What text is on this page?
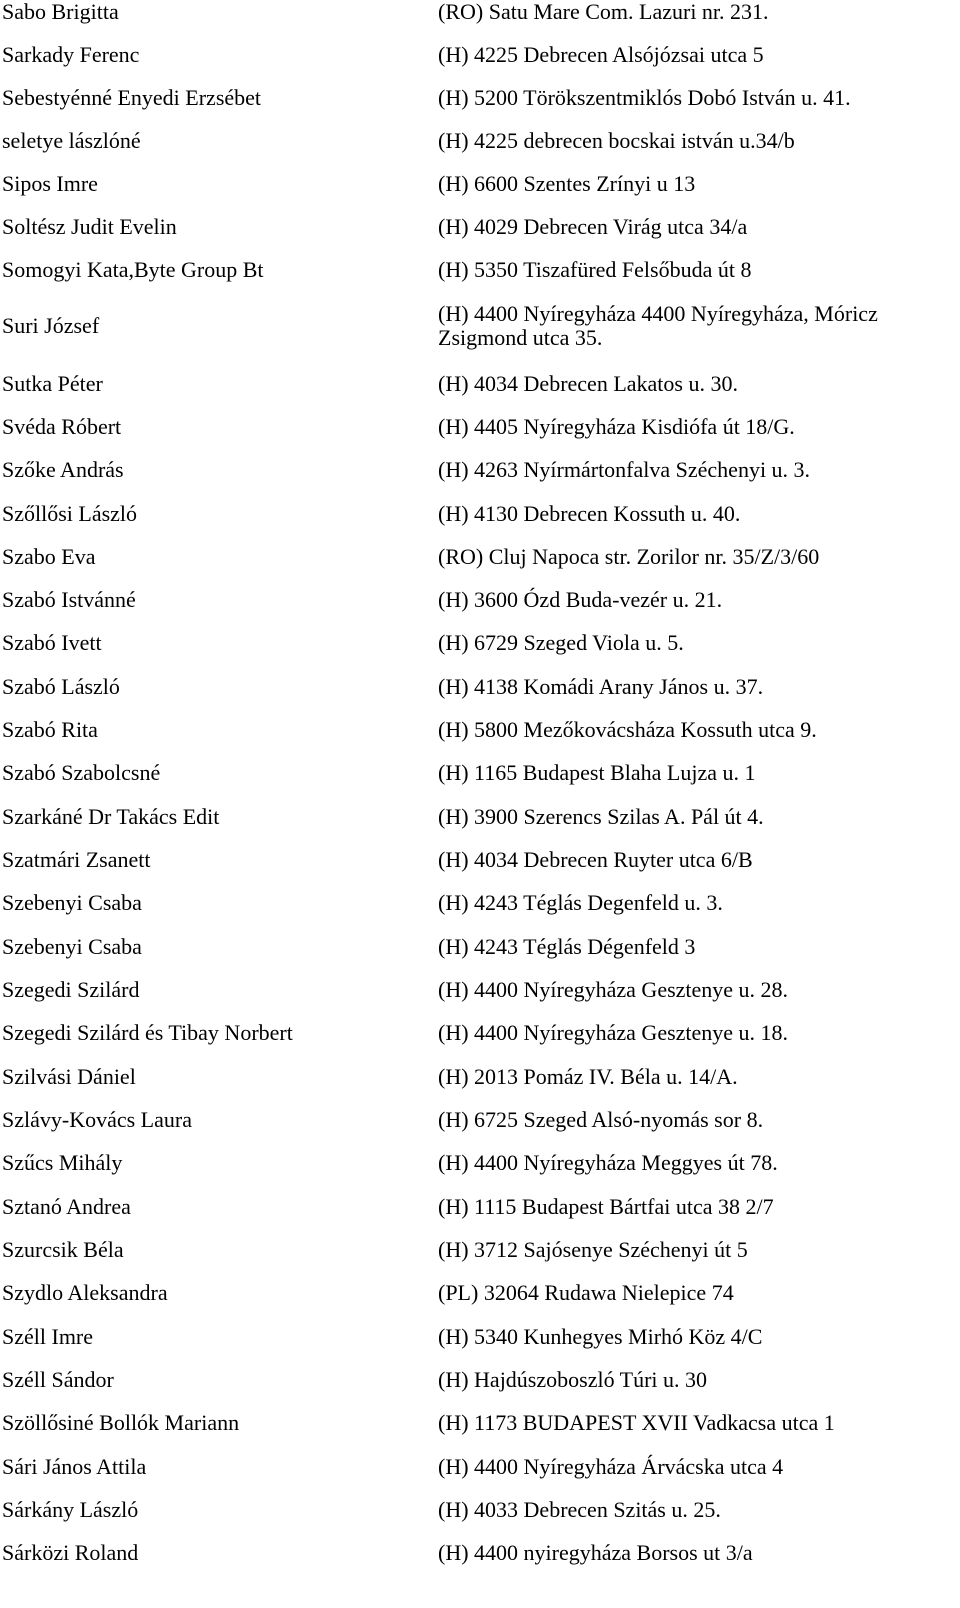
Sabo Brigitta	(RO) Satu Mare Com. Lazuri nr. 231.
Sarkady Ferenc	(H) 4225 Debrecen Alsójózsai utca 5
Sebestyénné Enyedi Erzsébet	(H) 5200 Törökszentmiklós Dobó István u. 41.
seletye lászlóné	(H) 4225 debrecen bocskai istván u.34/b
Sipos Imre	(H) 6600 Szentes Zrínyi u 13
Soltész Judit Evelin	(H) 4029 Debrecen Virág utca 34/a
Somogyi Kata,Byte Group Bt	(H) 5350 Tiszafüred Felsőbuda út 8
Suri József	(H) 4400 Nyíregyháza 4400 Nyíregyháza, Móricz Zsigmond utca 35.
Sutka Péter	(H) 4034 Debrecen Lakatos u. 30.
Svéda Róbert	(H) 4405 Nyíregyháza Kisdiófa út 18/G.
Szőke András	(H) 4263 Nyírmártonfalva Széchenyi u. 3.
Szőllősi László	(H) 4130 Debrecen Kossuth u. 40.
Szabo Eva	(RO) Cluj Napoca str. Zorilor nr. 35/Z/3/60
Szabó Istvánné	(H) 3600 Ózd Buda-vezér u. 21.
Szabó Ivett	(H) 6729 Szeged Viola u. 5.
Szabó László	(H) 4138 Komádi Arany János u. 37.
Szabó Rita	(H) 5800 Mezőkovácsháza Kossuth utca 9.
Szabó Szabolcsné	(H) 1165 Budapest Blaha Lujza u. 1
Szarkáné Dr Takács Edit	(H) 3900 Szerencs Szilas A. Pál út 4.
Szatmári Zsanett	(H) 4034 Debrecen Ruyter utca 6/B
Szebenyi Csaba	(H) 4243 Téglás Degenfeld u. 3.
Szebenyi Csaba	(H) 4243 Téglás Dégenfeld 3
Szegedi Szilárd	(H) 4400 Nyíregyháza Gesztenye u. 28.
Szegedi Szilárd és Tibay Norbert	(H) 4400 Nyíregyháza Gesztenye u. 18.
Szilvási Dániel	(H) 2013 Pomáz IV. Béla u. 14/A.
Szlávy-Kovács Laura	(H) 6725 Szeged Alsó-nyomás sor 8.
Szűcs Mihály	(H) 4400 Nyíregyháza Meggyes út 78.
Sztanó Andrea	(H) 1115 Budapest Bártfai utca 38 2/7
Szurcsik Béla	(H) 3712 Sajósenye Széchenyi út 5
Szydlo Aleksandra	(PL) 32064 Rudawa Nielepice 74
Széll Imre	(H) 5340 Kunhegyes Mirhó Köz 4/C
Széll Sándor	(H) Hajdúszoboszló Túri u. 30
Szöllősiné Bollók Mariann	(H) 1173 BUDAPEST XVII Vadkacsa utca 1
Sári János Attila	(H) 4400 Nyíregyháza Árvácska utca 4
Sárkány László	(H) 4033 Debrecen Szitás u. 25.
Sárközi Roland	(H) 4400 nyiregyháza Borsos ut 3/a
